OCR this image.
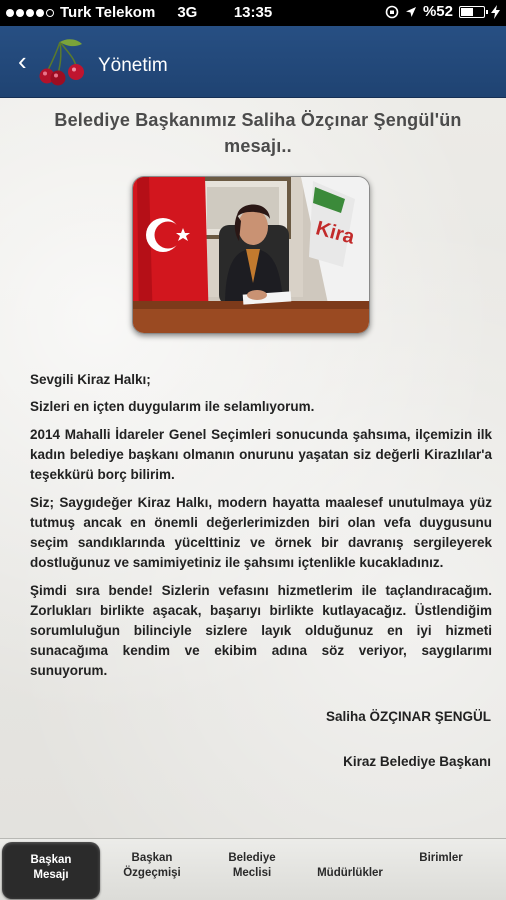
Turk Telekom 3G	13:35	%52
‹	Yönetim
Belediye Başkanımız Saliha Özçınar Şengül'ün mesajı..
Kira

Sevgili Kiraz Halkı;

Sizleri en içten duygularım ile selamlıyorum.

2014 Mahalli İdareler Genel Seçimleri sonucunda şahsıma, ilçemizin ilk kadın belediye başkanı olmanın onurunu yaşatan siz değerli Kirazlılar'a teşekkürü borç bilirim.

Siz; Saygıdeğer Kiraz Halkı, modern hayatta maalesef unutulmaya yüz tutmuş ancak en önemli değerlerimizden biri olan vefa duygusunu seçim sandıklarında yücelttiniz ve örnek bir davranış sergileyerek dostluğunuz ve samimiyetiniz ile şahsımı içtenlikle kucakladınız.

Şimdi sıra bende! Sizlerin vefasını hizmetlerim ile taçlandıracağım. Zorlukları birlikte aşacak, başarıyı birlikte kutlayacağız. Üstlendiğim sorumluluğun bilinciyle sizlere layık olduğunuz en iyi hizmeti sunacağıma kendim ve ekibim adına söz veriyor, saygılarımı sunuyorum.

Saliha ÖZÇINAR ŞENGÜL
Kiraz Belediye Başkanı
Başkan
Mesajı
Başkan
Özgeçmişi
Belediye
Meclisi	Müdürlükler
Birimler
